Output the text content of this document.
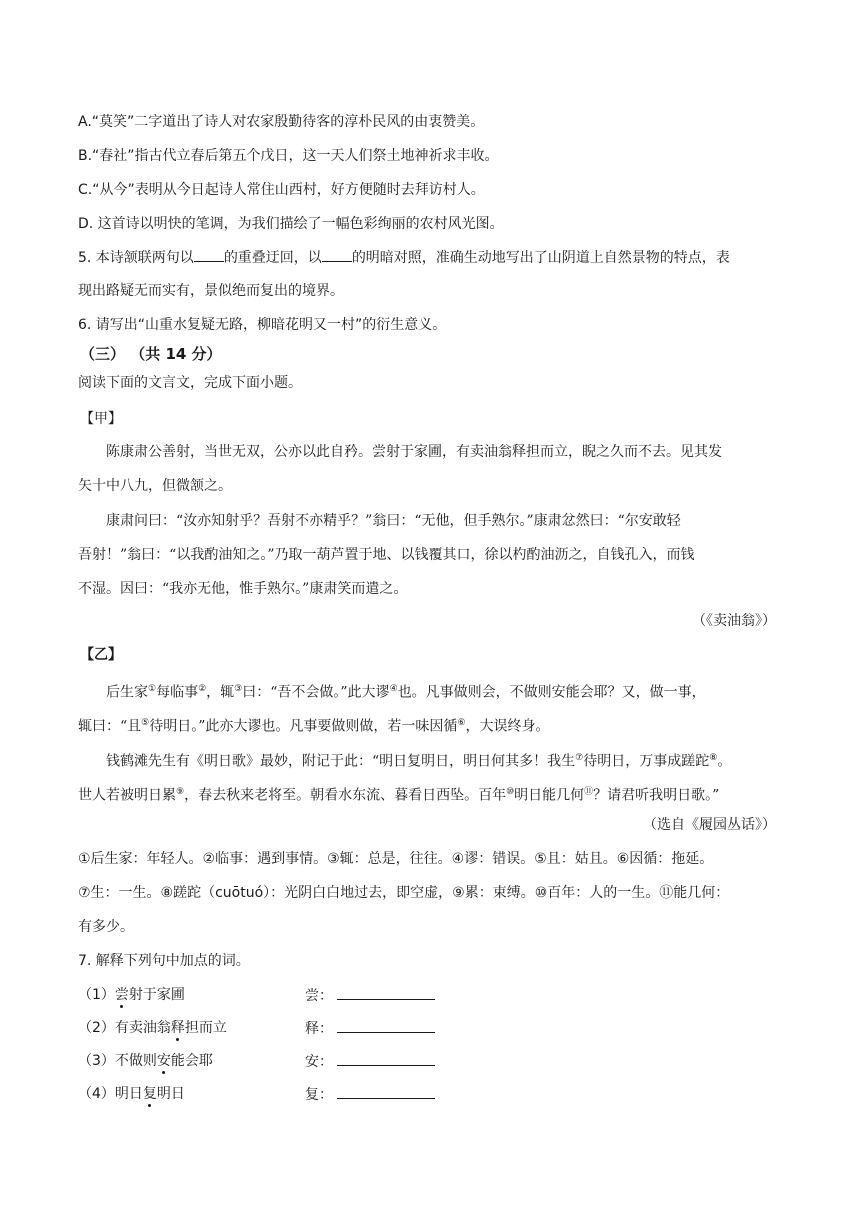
A.“莫笑”二字道出了诗人对农家殷勤待客的淳朴民风的由衷赞美。
B.“春社”指古代立春后第五个戊日，这一天人们祭土地神祈求丰收。
C.“从今”表明从今日起诗人常住山西村，好方便随时去拜访村人。
D. 这首诗以明快的笔调，为我们描绘了一幅色彩绚丽的农村风光图。
5. 本诗颔联两句以 的重叠迂回，以 的明暗对照，准确生动地写出了山阴道上自然景物的特点，表
现出路疑无而实有，景似绝而复出的境界。
6. 请写出“山重水复疑无路，柳暗花明又一村”的衍生意义。
（三） （共 14 分）
阅读下面的文言文，完成下面小题。
【甲】
陈康肃公善射，当世无双，公亦以此自矜。尝射于家圃，有卖油翁释担而立，睨之久而不去。见其发
矢十中八九，但微颔之。
康肃问曰：“汝亦知射乎？吾射不亦精乎？”翁曰：“无他，但手熟尔。”康肃忿然曰：“尔安敢轻
吾射！”翁曰：“以我酌油知之。”乃取一葫芦置于地、以钱覆其口，徐以杓酌油沥之，自钱孔入，而钱
不湿。因曰：“我亦无他，惟手熟尔。”康肃笑而遣之。
（《卖油翁》）
【乙】
后生家①每临事②，辄③曰：“吾不会做。”此大谬④也。凡事做则会，不做则安能会耶？又，做一事，
辄曰：“且⑤待明日。”此亦大谬也。凡事要做则做，若一味因循⑥，大误终身。
钱鹤滩先生有《明日歌》最妙，附记于此：“明日复明日，明日何其多！我生⑦待明日，万事成蹉跎⑧。
世人若被明日累⑨，春去秋来老将至。朝看水东流、暮看日西坠。百年⑩明日能几何⑪？请君听我明日歌。”
（选自《履园丛话》）
①后生家：年轻人。②临事：遇到事情。③辄：总是，往往。④谬：错误。⑤且：姑且。⑥因循：拖延。
⑦生：一生。⑧蹉跎（cuōtuó）：光阴白白地过去，即空虚，⑨累：束缚。⑩百年：人的一生。⑪能几何：
有多少。
7. 解释下列句中加点的词。
（1）尝射于家圃	尝：
（2）有卖油翁释担而立	释：
（3）不做则安能会耶	安：
（4）明日复明日	复：
